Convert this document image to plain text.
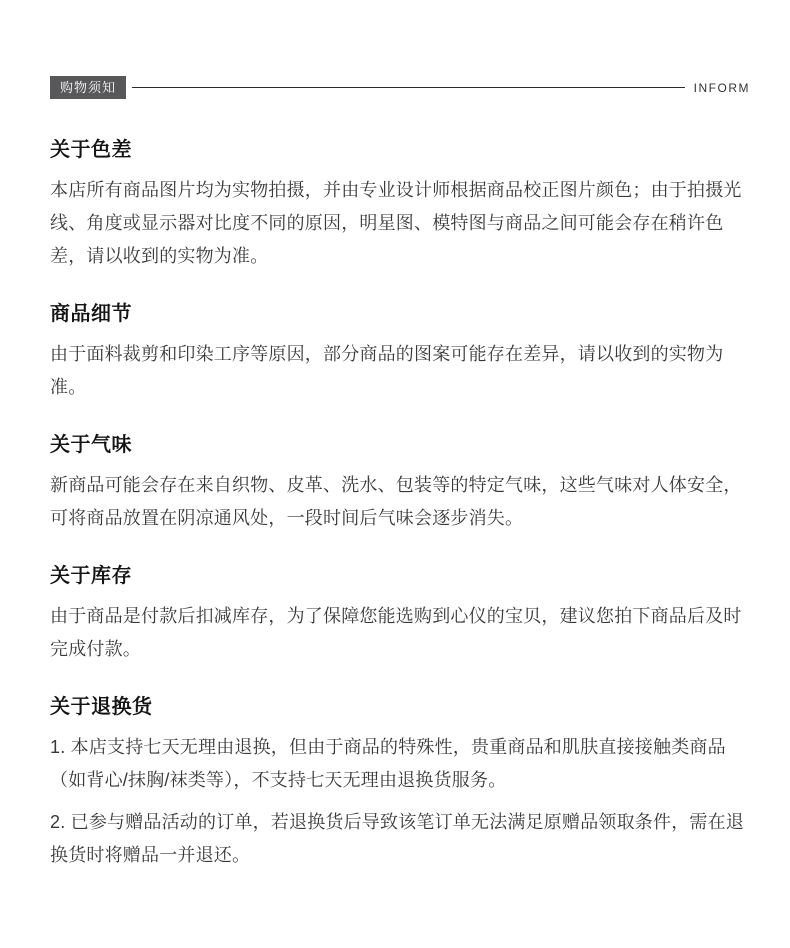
购物须知	INFORM
关于色差

本店所有商品图片均为实物拍摄，并由专业设计师根据商品校正图片颜色；由于拍摄光线、角度或显示器对比度不同的原因，明星图、模特图与商品之间可能会存在稍许色差，请以收到的实物为准。

商品细节

由于面料裁剪和印染工序等原因，部分商品的图案可能存在差异，请以收到的实物为准。

关于气味

新商品可能会存在来自织物、皮革、洗水、包装等的特定气味，这些气味对人体安全，可将商品放置在阴凉通风处，一段时间后气味会逐步消失。

关于库存

由于商品是付款后扣减库存，为了保障您能选购到心仪的宝贝，建议您拍下商品后及时完成付款。

关于退换货

1. 本店支持七天无理由退换，但由于商品的特殊性，贵重商品和肌肤直接接触类商品（如背心/抹胸/袜类等），不支持七天无理由退换货服务。

2. 已参与赠品活动的订单，若退换货后导致该笔订单无法满足原赠品领取条件，需在退换货时将赠品一并退还。
